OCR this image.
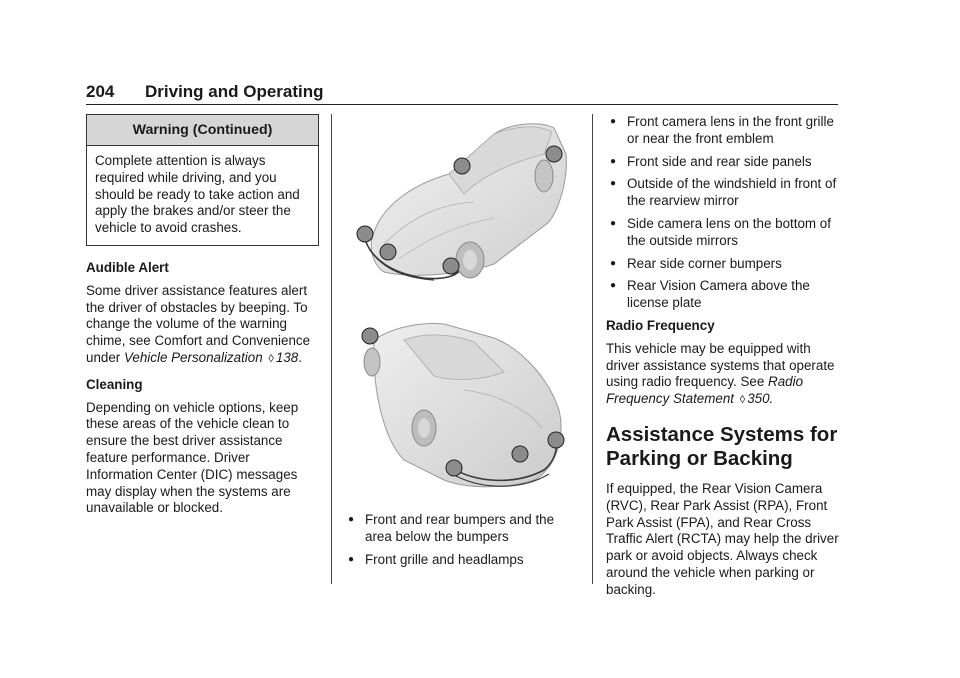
204 Driving and Operating
Warning (Continued)
Complete attention is always required while driving, and you should be ready to take action and apply the brakes and/or steer the vehicle to avoid crashes.

Audible Alert

Some driver assistance features alert the driver of obstacles by beeping. To change the volume of the warning chime, see Comfort and Convenience under Vehicle Personalization ◊ 138.

Cleaning

Depending on vehicle options, keep these areas of the vehicle clean to ensure the best driver assistance feature performance. Driver Information Center (DIC) messages may display when the systems are unavailable or blocked.

● Front and rear bumpers and the area below the bumpers
● Front grille and headlamps
● Front camera lens in the front grille or near the front emblem
● Front side and rear side panels
● Outside of the windshield in front of the rearview mirror
● Side camera lens on the bottom of the outside mirrors
● Rear side corner bumpers
● Rear Vision Camera above the license plate

Radio Frequency

This vehicle may be equipped with driver assistance systems that operate using radio frequency. See Radio Frequency Statement ◊ 350.

Assistance Systems for Parking or Backing

If equipped, the Rear Vision Camera (RVC), Rear Park Assist (RPA), Front Park Assist (FPA), and Rear Cross Traffic Alert (RCTA) may help the driver park or avoid objects. Always check around the vehicle when parking or backing.
